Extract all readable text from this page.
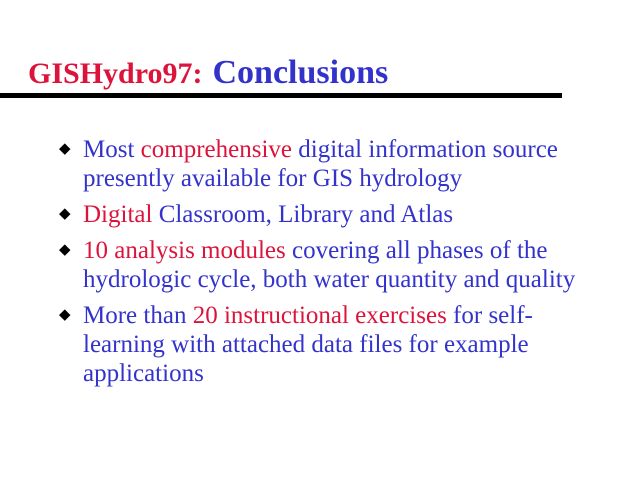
GISHydro97: Conclusions
◆ Most comprehensive digital information source presently available for GIS hydrology
◆ Digital Classroom, Library and Atlas
◆ 10 analysis modules covering all phases of the hydrologic cycle, both water quantity and quality
◆ More than 20 instructional exercises for self-learning with attached data files for example applications
